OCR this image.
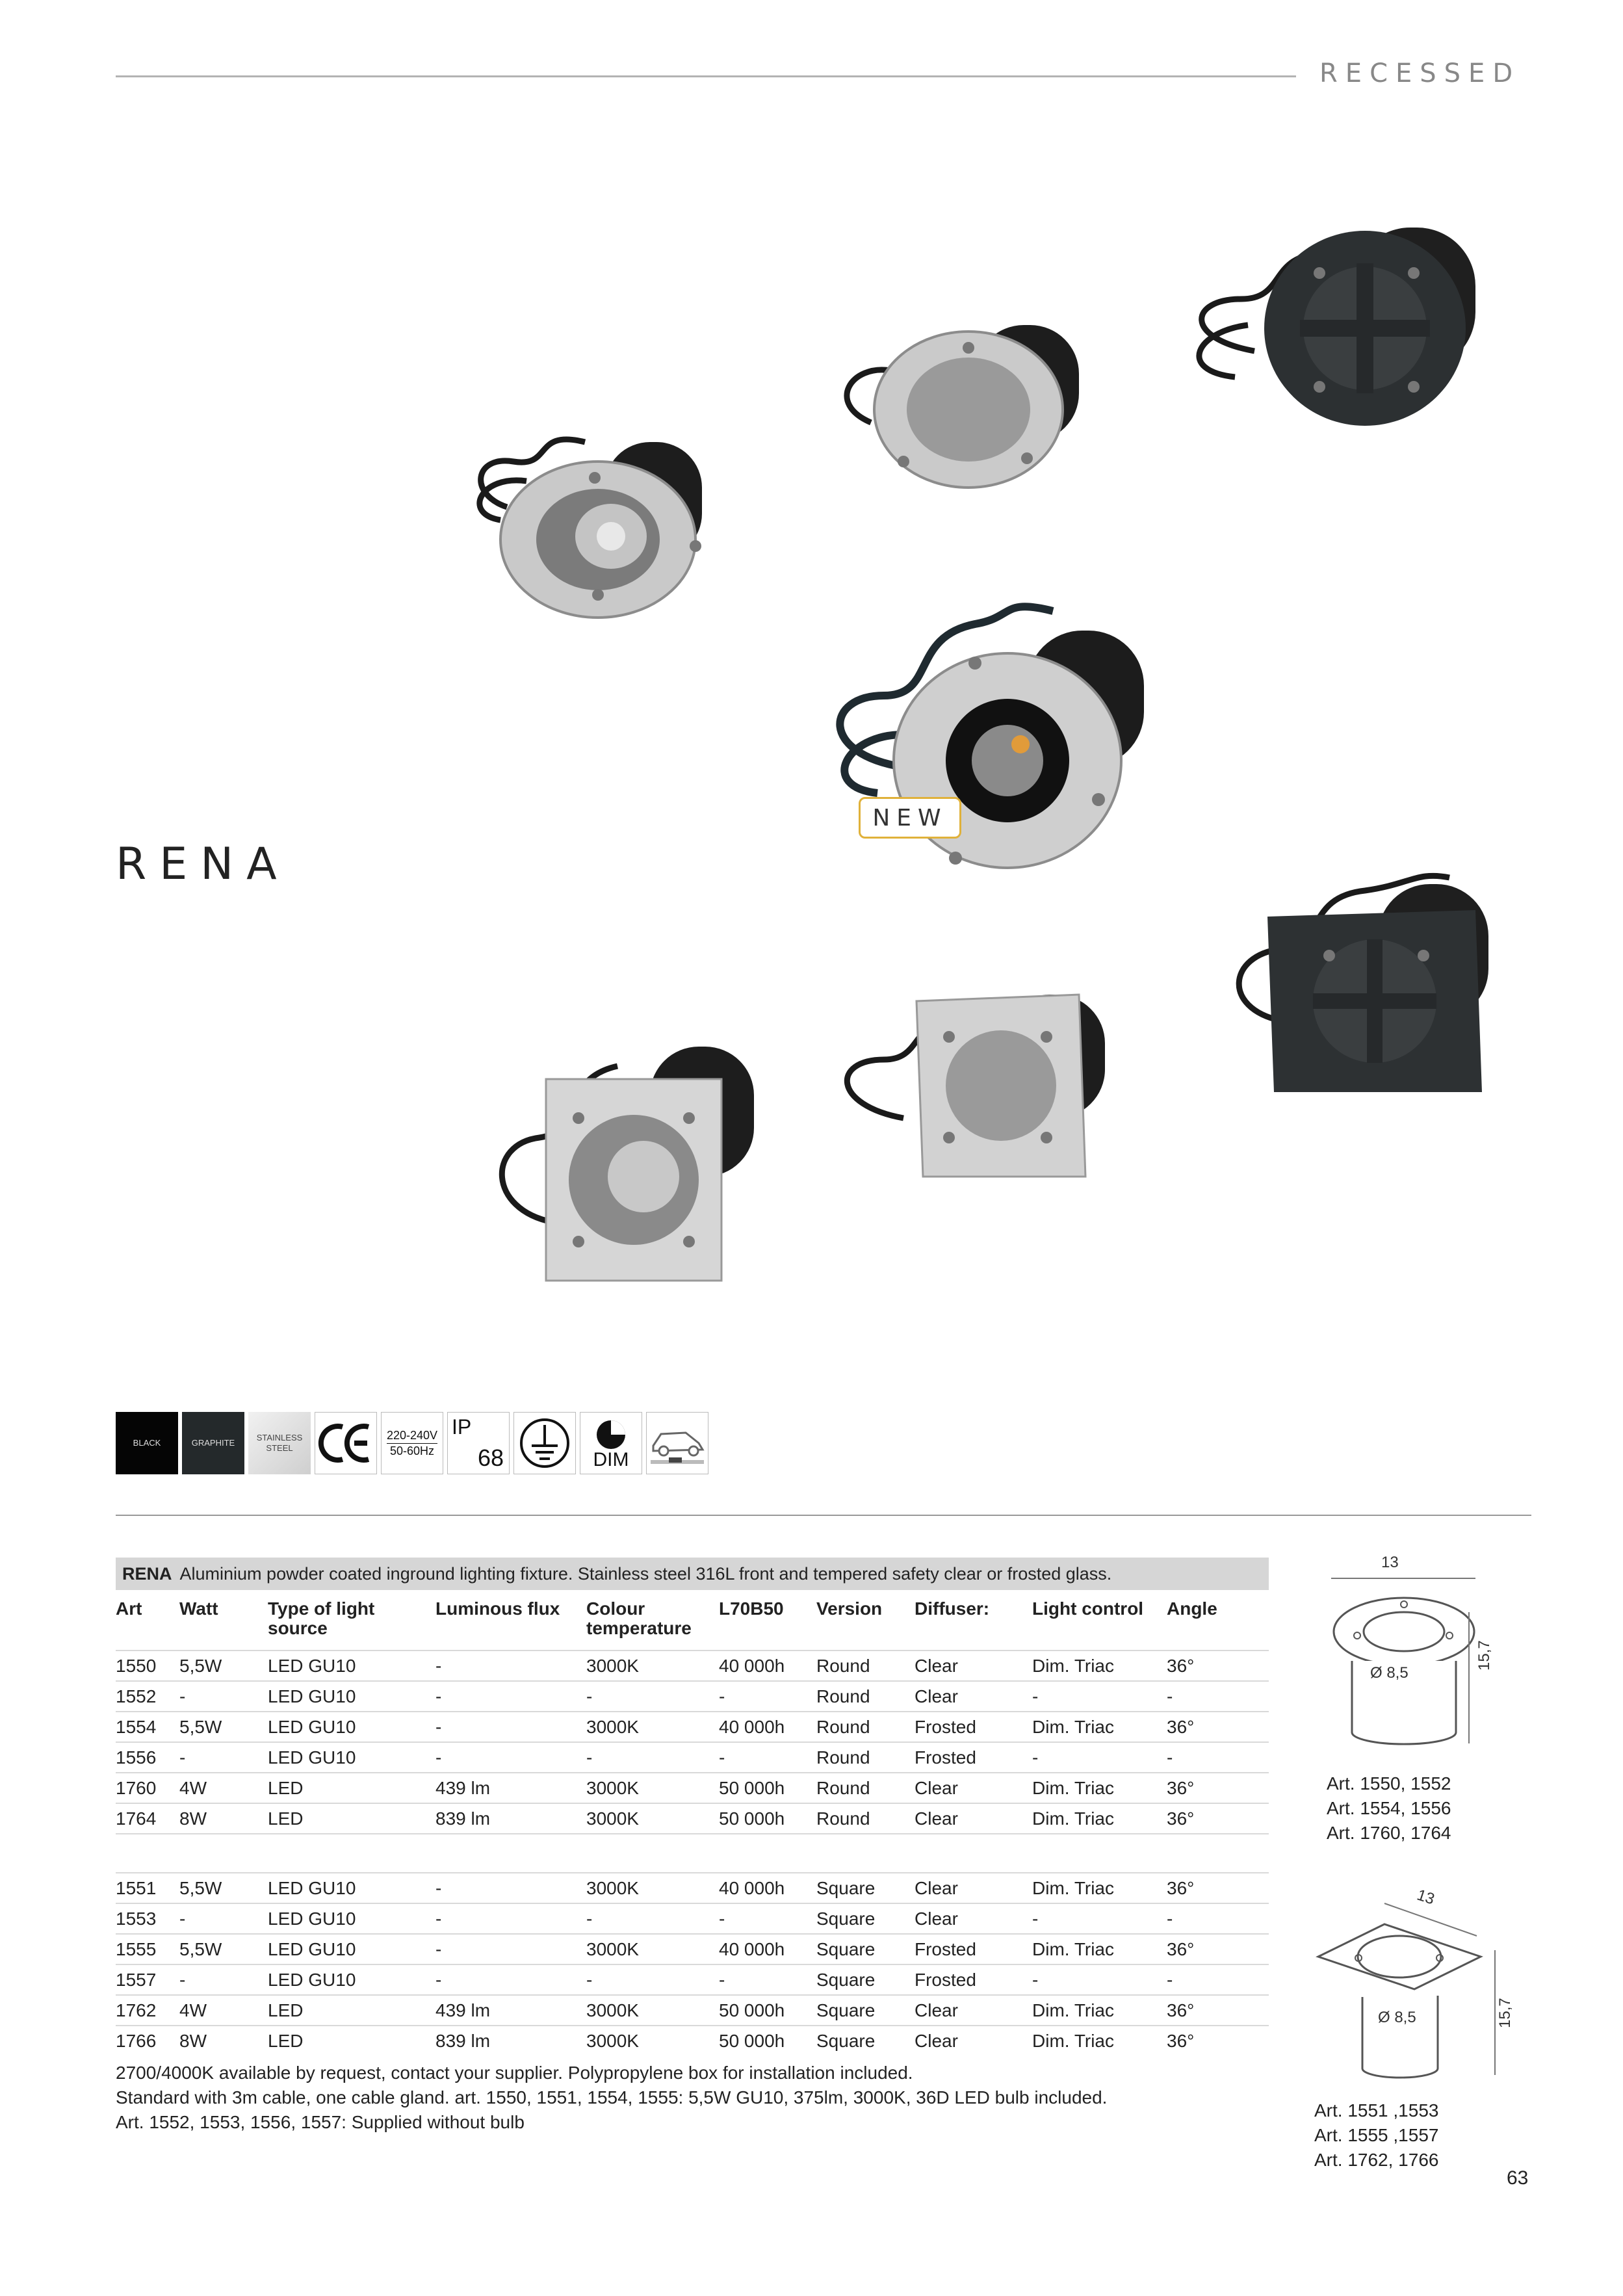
RECESSED
RENA
NEW
BLACK	GRAPHITE
STAINLESS STEEL
220-240V
50-60Hz
IP
68	DIM
RENA Aluminium powder coated inground lighting fixture. Stainless steel 316L front and tempered safety clear or frosted glass.
Art	Watt	Type of light source	Luminous flux	Colour temperature	L70B50	Version	Diffuser:	Light control	Angle
1550	5,5W	LED GU10	-	3000K	40 000h	Round	Clear	Dim. Triac	36°
1552	-	LED GU10	-	-	-	Round	Clear	-	-
1554	5,5W	LED GU10	-	3000K	40 000h	Round	Frosted	Dim. Triac	36°
1556	-	LED GU10	-	-	-	Round	Frosted	-	-
1760	4W	LED	439 lm	3000K	50 000h	Round	Clear	Dim. Triac	36°
1764	8W	LED	839 lm	3000K	50 000h	Round	Clear	Dim. Triac	36°

1551	5,5W	LED GU10	-	3000K	40 000h	Square	Clear	Dim. Triac	36°
1553	-	LED GU10	-	-	-	Square	Clear	-	-
1555	5,5W	LED GU10	-	3000K	40 000h	Square	Frosted	Dim. Triac	36°
1557	-	LED GU10	-	-	-	Square	Frosted	-	-
1762	4W	LED	439 lm	3000K	50 000h	Square	Clear	Dim. Triac	36°
1766	8W	LED	839 lm	3000K	50 000h	Square	Clear	Dim. Triac	36°
2700/4000K available by request, contact your supplier. Polypropylene box for installation included.
Standard with 3m cable, one cable gland. art. 1550, 1551, 1554, 1555: 5,5W GU10, 375lm, 3000K, 36D LED bulb included.
Art. 1552, 1553, 1556, 1557: Supplied without bulb
13
Ø 8,5
15,7
Art. 1550, 1552
Art. 1554, 1556
Art. 1760, 1764
13
Ø 8,5	15,7
Art. 1551 ,1553
Art. 1555 ,1557
Art. 1762, 1766
63
